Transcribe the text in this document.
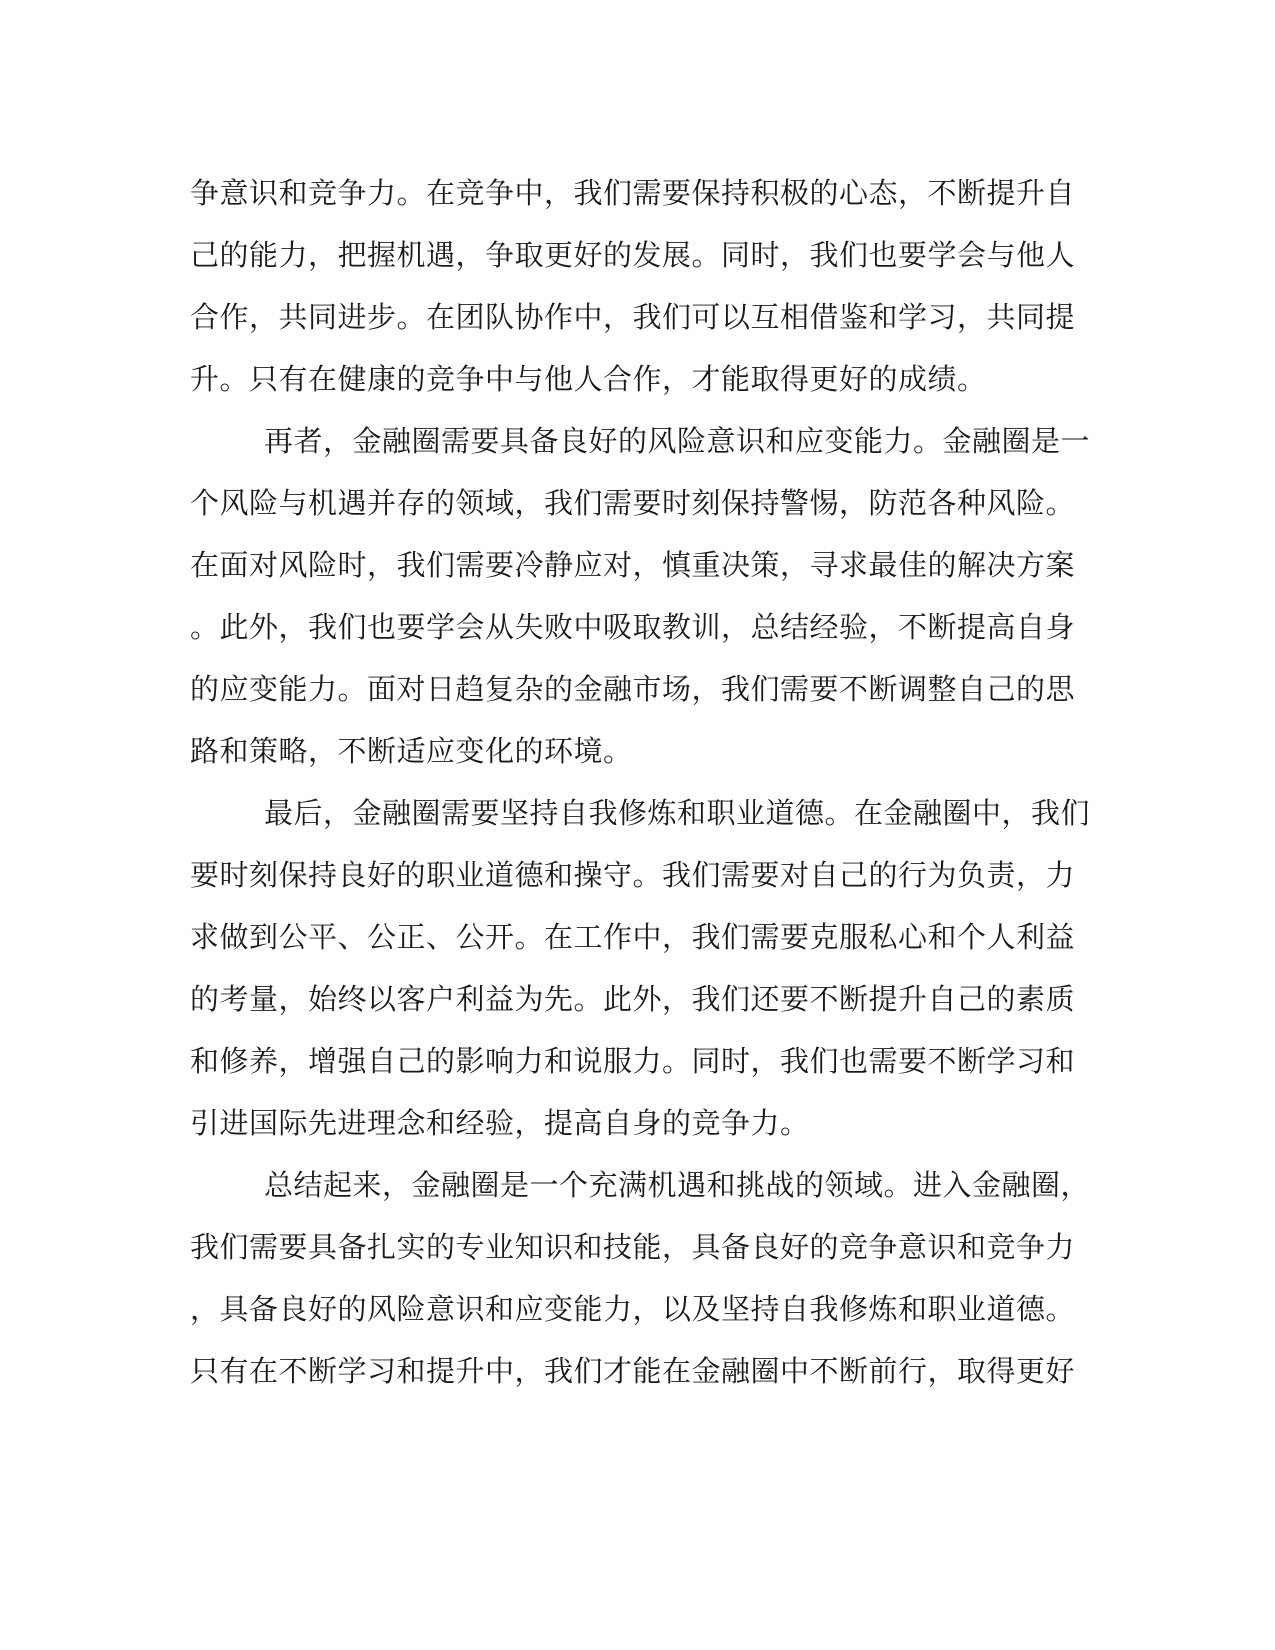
争意识和竞争力。在竞争中，我们需要保持积极的心态，不断提升自
己的能力，把握机遇，争取更好的发展。同时，我们也要学会与他人
合作，共同进步。在团队协作中，我们可以互相借鉴和学习，共同提
升。只有在健康的竞争中与他人合作，才能取得更好的成绩。
再者，金融圈需要具备良好的风险意识和应变能力。金融圈是一
个风险与机遇并存的领域，我们需要时刻保持警惕，防范各种风险。
在面对风险时，我们需要冷静应对，慎重决策，寻求最佳的解决方案
。此外，我们也要学会从失败中吸取教训，总结经验，不断提高自身
的应变能力。面对日趋复杂的金融市场，我们需要不断调整自己的思
路和策略，不断适应变化的环境。
最后，金融圈需要坚持自我修炼和职业道德。在金融圈中，我们
要时刻保持良好的职业道德和操守。我们需要对自己的行为负责，力
求做到公平、公正、公开。在工作中，我们需要克服私心和个人利益
的考量，始终以客户利益为先。此外，我们还要不断提升自己的素质
和修养，增强自己的影响力和说服力。同时，我们也需要不断学习和
引进国际先进理念和经验，提高自身的竞争力。
总结起来，金融圈是一个充满机遇和挑战的领域。进入金融圈，
我们需要具备扎实的专业知识和技能，具备良好的竞争意识和竞争力
，具备良好的风险意识和应变能力，以及坚持自我修炼和职业道德。
只有在不断学习和提升中，我们才能在金融圈中不断前行，取得更好
